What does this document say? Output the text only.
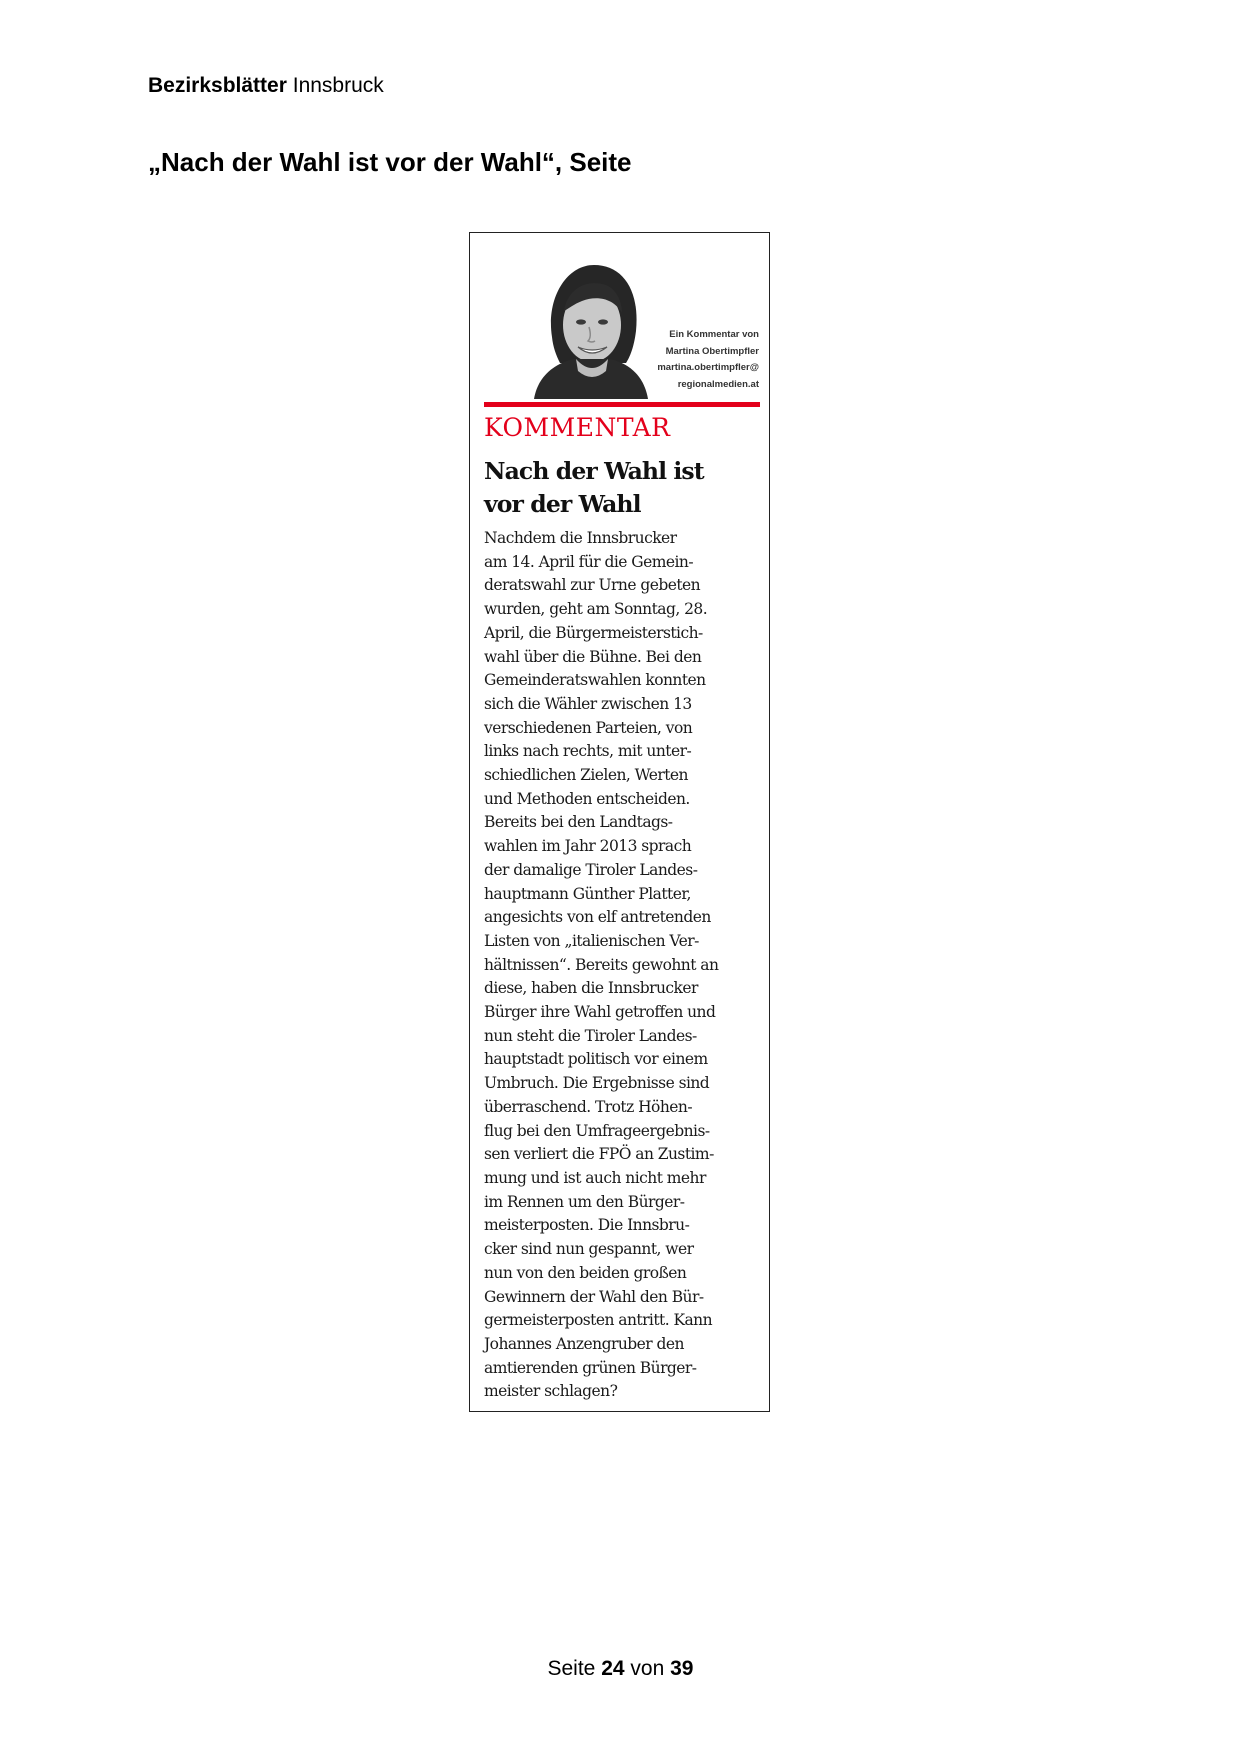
Bezirksblätter Innsbruck
„Nach der Wahl ist vor der Wahl“, Seite
Ein Kommentar von
Martina Obertimpfler
martina.obertimpfler@
regionalmedien.at
KOMMENTAR
Nach der Wahl ist
vor der Wahl
Nachdem die Innsbrucker
am 14. April für die Gemein-
deratswahl zur Urne gebeten
wurden, geht am Sonntag, 28.
April, die Bürgermeisterstich-
wahl über die Bühne. Bei den
Gemeinderatswahlen konnten
sich die Wähler zwischen 13
verschiedenen Parteien, von
links nach rechts, mit unter-
schiedlichen Zielen, Werten
und Methoden entscheiden.
Bereits bei den Landtags-
wahlen im Jahr 2013 sprach
der damalige Tiroler Landes-
hauptmann Günther Platter,
angesichts von elf antretenden
Listen von „italienischen Ver-
hältnissen“. Bereits gewohnt an
diese, haben die Innsbrucker
Bürger ihre Wahl getroffen und
nun steht die Tiroler Landes-
hauptstadt politisch vor einem
Umbruch. Die Ergebnisse sind
überraschend. Trotz Höhen-
flug bei den Umfrageergebnis-
sen verliert die FPÖ an Zustim-
mung und ist auch nicht mehr
im Rennen um den Bürger-
meisterposten. Die Innsbru-
cker sind nun gespannt, wer
nun von den beiden großen
Gewinnern der Wahl den Bür-
germeisterposten antritt. Kann
Johannes Anzengruber den
amtierenden grünen Bürger-
meister schlagen?
Seite 24 von 39
